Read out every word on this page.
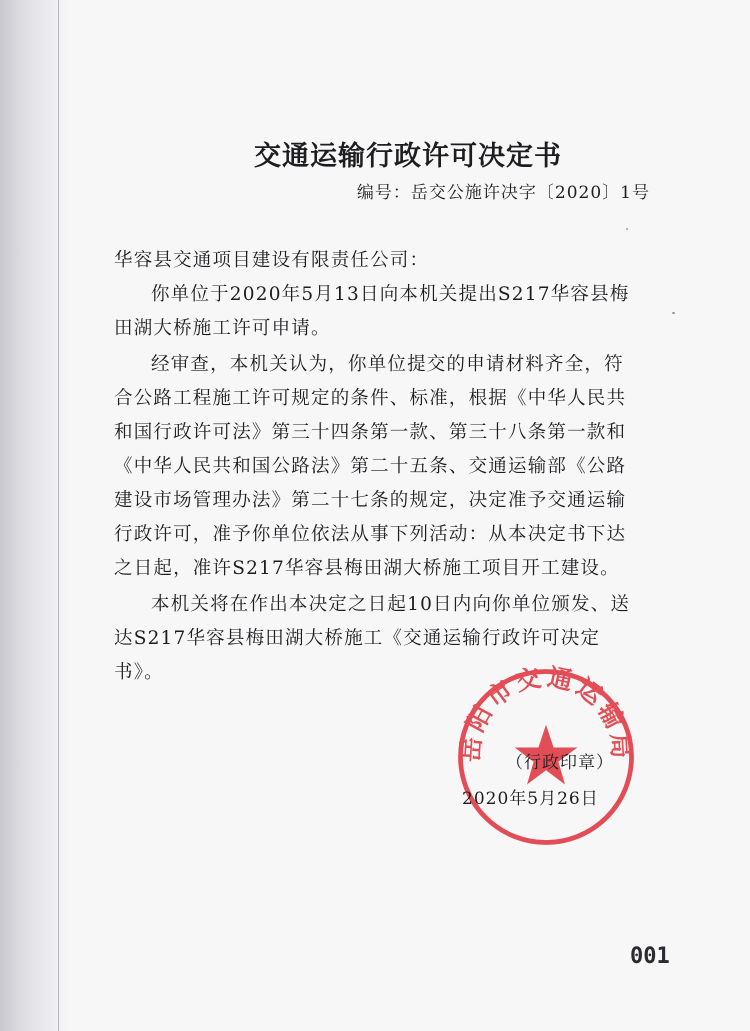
交通运输行政许可决定书
编号：岳交公施许决字〔2020〕1号

华容县交通项目建设有限责任公司：

你单位于2020年5月13日向本机关提出S217华容县梅田湖大桥施工许可申请。

经审查，本机关认为，你单位提交的申请材料齐全，符合公路工程施工许可规定的条件、标准，根据《中华人民共和国行政许可法》第三十四条第一款、第三十八条第一款和《中华人民共和国公路法》第二十五条、交通运输部《公路建设市场管理办法》第二十七条的规定，决定准予交通运输行政许可，准予你单位依法从事下列活动：从本决定书下达之日起，准许S217华容县梅田湖大桥施工项目开工建设。

本机关将在作出本决定之日起10日内向你单位颁发、送达S217华容县梅田湖大桥施工《交通运输行政许可决定书》。

岳阳市交通运输局
（行政印章）
2020年5月26日
001
